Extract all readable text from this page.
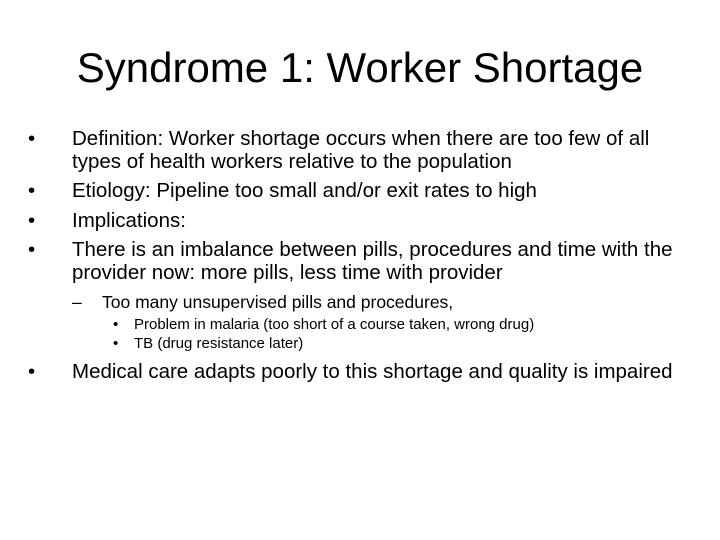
Syndrome 1: Worker Shortage
•	Definition: Worker shortage occurs when there are too few of all types of health workers relative to the population
•	Etiology: Pipeline too small and/or exit rates to high
•	Implications:
•	There is an imbalance between pills, procedures and time with the provider now: more pills, less time with provider
– Too many unsupervised pills and procedures,
• Problem in malaria (too short of a course taken, wrong drug)
• TB (drug resistance later)
•	Medical care adapts poorly to this shortage and quality is impaired
